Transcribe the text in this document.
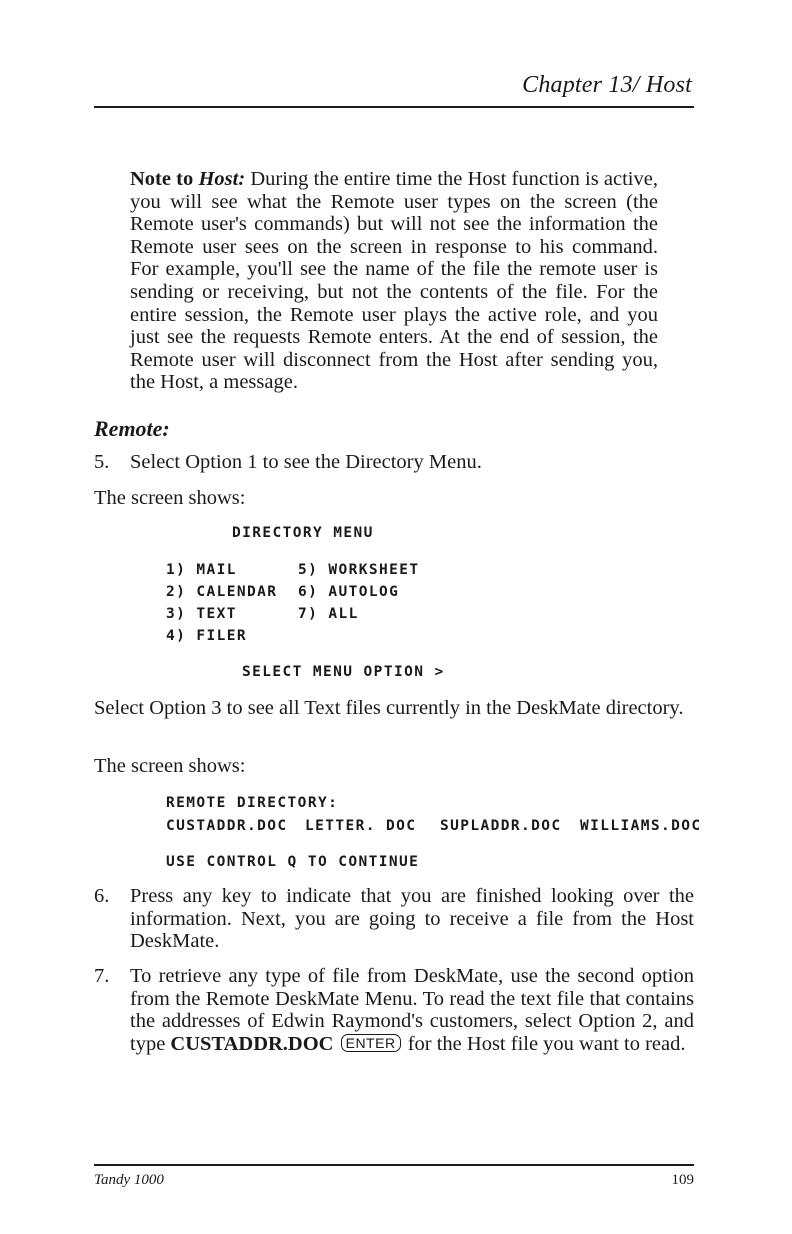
Chapter 13/ Host
Note to Host: During the entire time the Host function is active, you will see what the Remote user types on the screen (the Remote user's commands) but will not see the information the Remote user sees on the screen in response to his command. For example, you'll see the name of the file the remote user is sending or receiving, but not the contents of the file. For the entire session, the Remote user plays the active role, and you just see the requests Remote enters. At the end of session, the Remote user will disconnect from the Host after sending you, the Host, a message.
Remote:
5. Select Option 1 to see the Directory Menu.
The screen shows:
DIRECTORY MENU
1) MAIL	5) WORKSHEET
2) CALENDAR 6) AUTOLOG
3) TEXT	7) ALL
4) FILER
SELECT MENU OPTION >
Select Option 3 to see all Text files currently in the DeskMate directory.
The screen shows:
REMOTE DIRECTORY:
CUSTADDR.DOC LETTER. DOC SUPLADDR.DOC WILLIAMS.DOC
USE CONTROL Q TO CONTINUE
6. Press any key to indicate that you are finished looking over the information. Next, you are going to receive a file from the Host DeskMate.
7. To retrieve any type of file from DeskMate, use the second option from the Remote DeskMate Menu. To read the text file that contains the addresses of Edwin Raymond's customers, select Option 2, and type CUSTADDR.DOC ENTER for the Host file you want to read.
Tandy 1000	109
